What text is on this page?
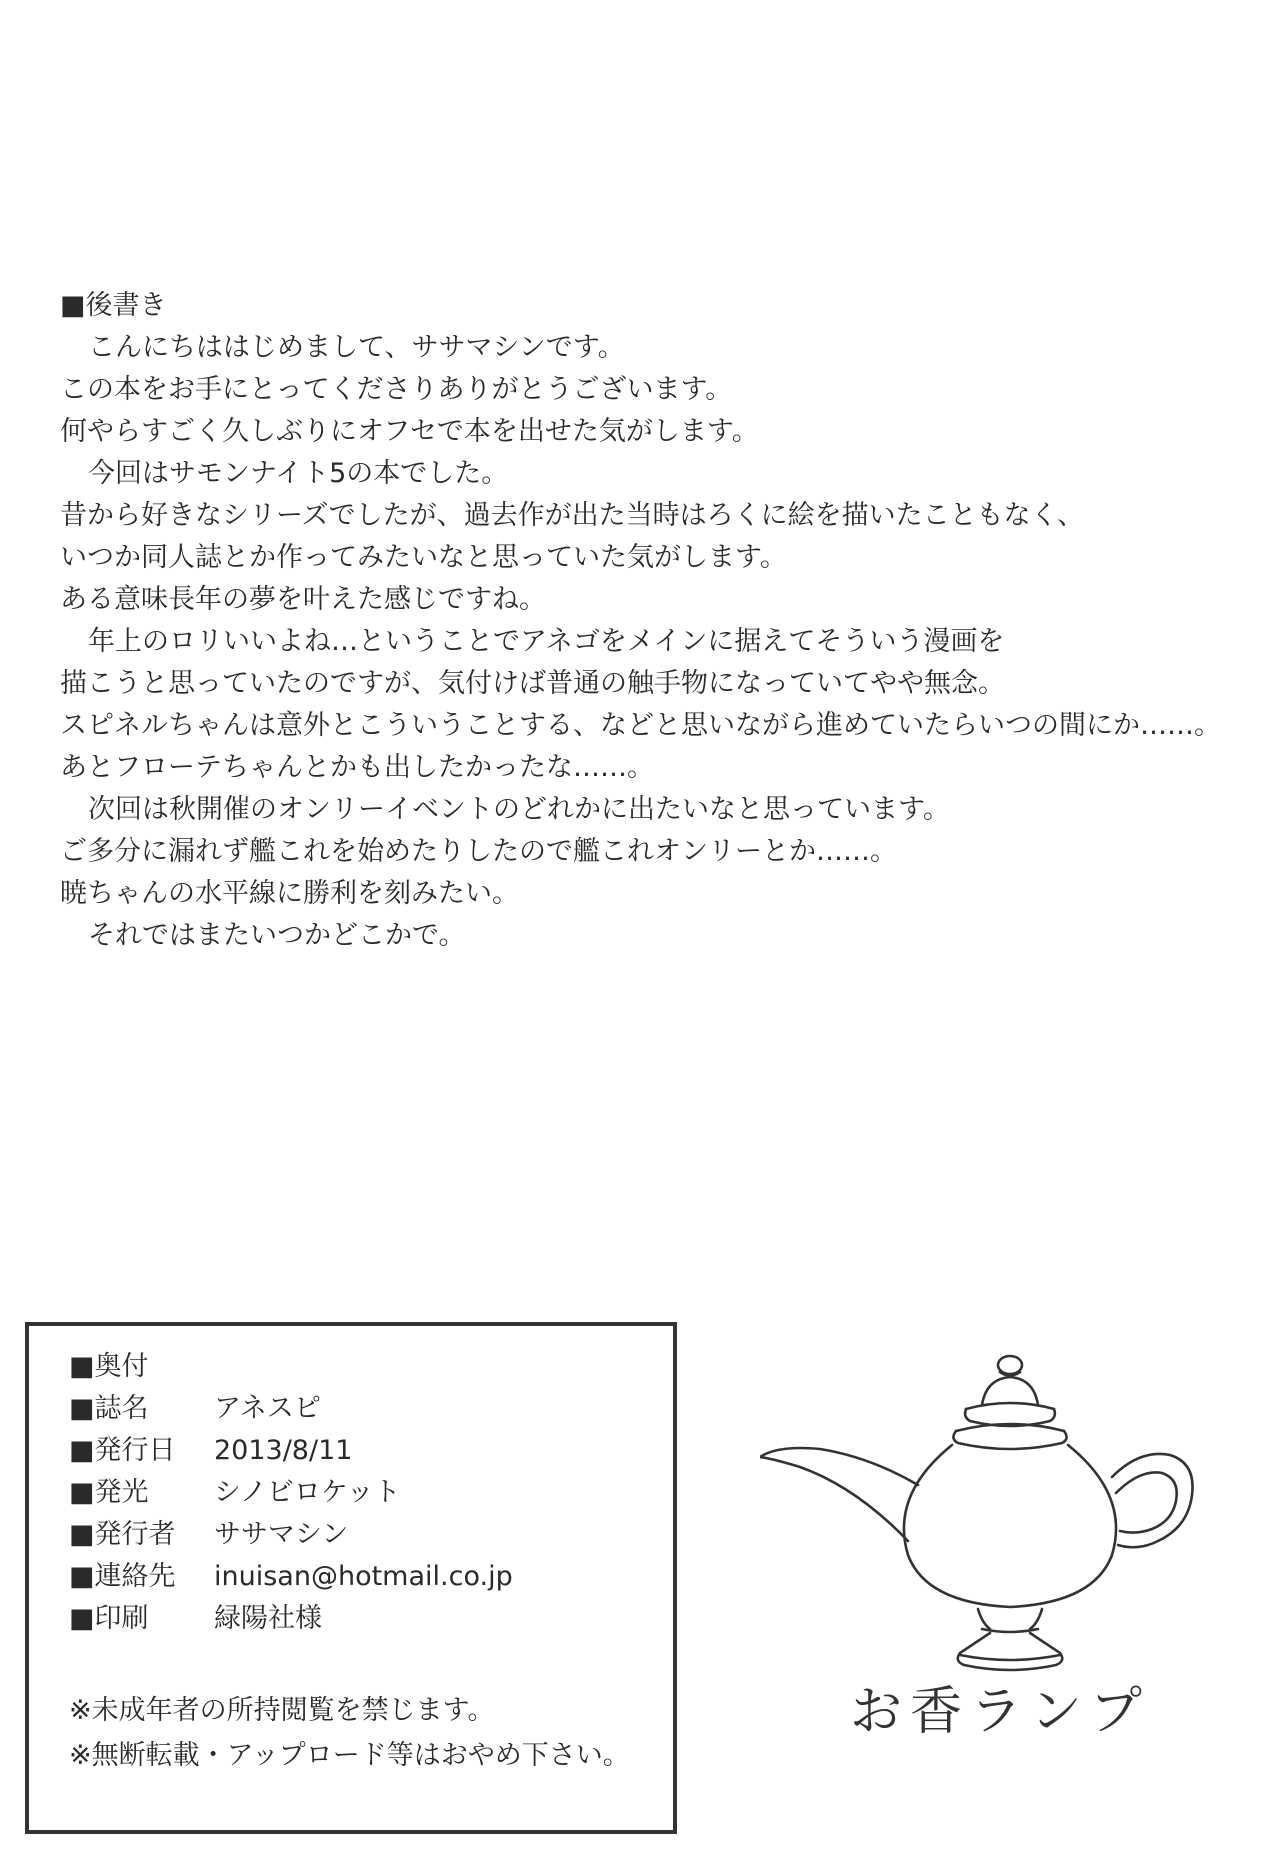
■後書き
こんにちははじめまして、ササマシンです。
この本をお手にとってくださりありがとうございます。
何やらすごく久しぶりにオフセで本を出せた気がします。
今回はサモンナイト5の本でした。
昔から好きなシリーズでしたが、過去作が出た当時はろくに絵を描いたこともなく、
いつか同人誌とか作ってみたいなと思っていた気がします。
ある意味長年の夢を叶えた感じですね。
年上のロリいいよね…ということでアネゴをメインに据えてそういう漫画を
描こうと思っていたのですが、気付けば普通の触手物になっていてやや無念。
スピネルちゃんは意外とこういうことする、などと思いながら進めていたらいつの間にか……。
あとフローテちゃんとかも出したかったな……。
次回は秋開催のオンリーイベントのどれかに出たいなと思っています。
ご多分に漏れず艦これを始めたりしたので艦これオンリーとか……。
暁ちゃんの水平線に勝利を刻みたい。
それではまたいつかどこかで。
■奥付
■誌名	アネスピ
■発行日	2013/8/11
■発光	シノビロケット
■発行者	ササマシン
■連絡先	inuisan@hotmail.co.jp
■印刷	緑陽社様
※未成年者の所持閲覧を禁じます。
※無断転載・アップロード等はおやめ下さい。
お香ランプ
